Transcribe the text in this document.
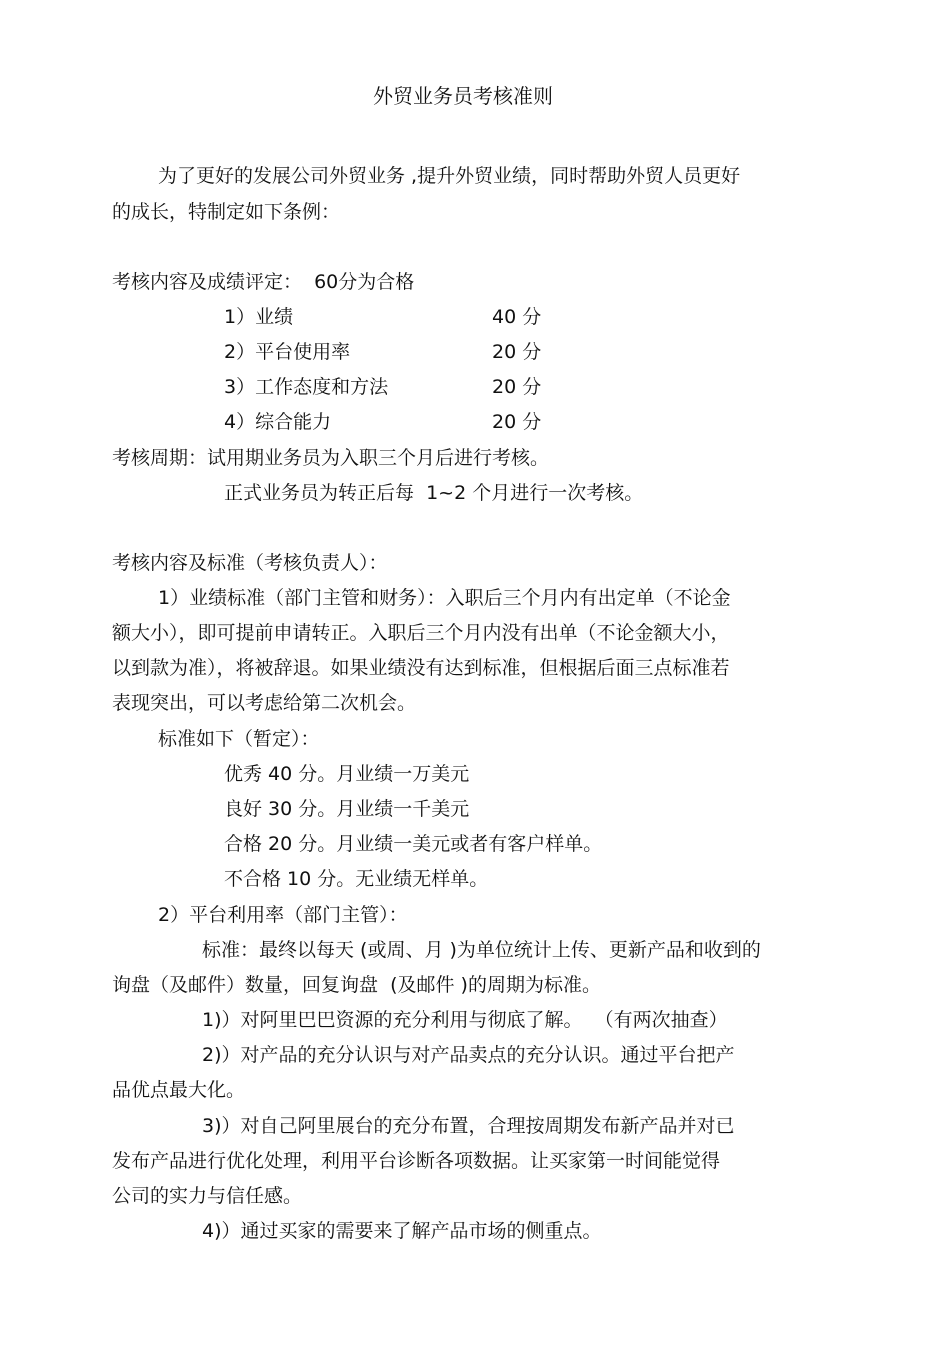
外贸业务员考核准则
为了更好的发展公司外贸业务 ,提升外贸业绩，同时帮助外贸人员更好
的成长，特制定如下条例：
考核内容及成绩评定：  60分为合格
1）业绩	40 分
2）平台使用率	20 分
3）工作态度和方法	20 分
4）综合能力	20 分
考核周期：试用期业务员为入职三个月后进行考核。
正式业务员为转正后每  1~2 个月进行一次考核。
考核内容及标准（考核负责人）：
1）业绩标准（部门主管和财务）：入职后三个月内有出定单（不论金
额大小），即可提前申请转正。入职后三个月内没有出单（不论金额大小，
以到款为准），将被辞退。如果业绩没有达到标准，但根据后面三点标准若
表现突出，可以考虑给第二次机会。
标准如下（暂定）：
优秀 40 分。月业绩一万美元
良好 30 分。月业绩一千美元
合格 20 分。月业绩一美元或者有客户样单。
不合格 10 分。无业绩无样单。
2）平台利用率（部门主管）：
标准：最终以每天 (或周、月 )为单位统计上传、更新产品和收到的
询盘（及邮件）数量，回复询盘  (及邮件 )的周期为标准。
1)）对阿里巴巴资源的充分利用与彻底了解。  （有两次抽查）
2)）对产品的充分认识与对产品卖点的充分认识。通过平台把产
品优点最大化。
3)）对自己阿里展台的充分布置，合理按周期发布新产品并对已
发布产品进行优化处理，利用平台诊断各项数据。让买家第一时间能觉得
公司的实力与信任感。
4)）通过买家的需要来了解产品市场的侧重点。
